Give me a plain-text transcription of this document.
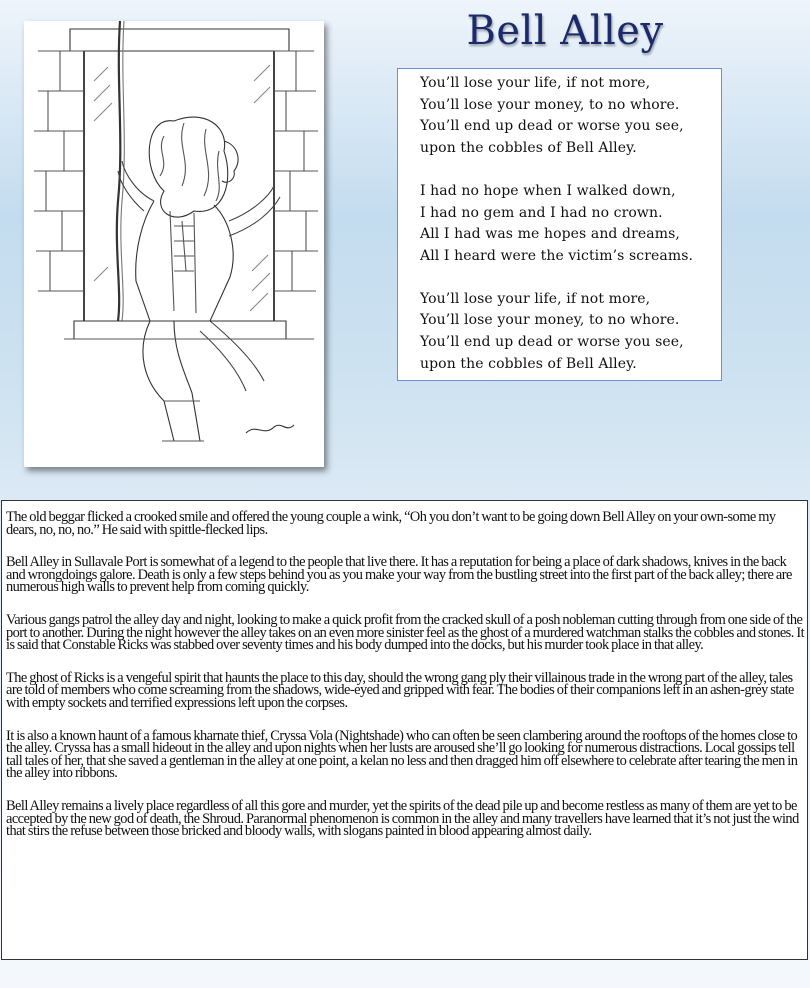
Bell Alley
You’ll lose your life, if not more,
You’ll lose your money, to no whore.
You’ll end up dead or worse you see,
upon the cobbles of Bell Alley.
I had no hope when I walked down,
I had no gem and I had no crown.
All I had was me hopes and dreams,
All I heard were the victim’s screams.
You’ll lose your life, if not more,
You’ll lose your money, to no whore.
You’ll end up dead or worse you see,
upon the cobbles of Bell Alley.

The old beggar flicked a crooked smile and offered the young couple a wink, “Oh you don’t want to be going down Bell Alley on your own-some my dears, no, no, no.” He said with spittle-flecked lips.

Bell Alley in Sullavale Port is somewhat of a legend to the people that live there. It has a reputation for being a place of dark shadows, knives in the back and wrongdoings galore. Death is only a few steps behind you as you make your way from the bustling street into the first part of the back alley; there are numerous high walls to prevent help from coming quickly.

Various gangs patrol the alley day and night, looking to make a quick profit from the cracked skull of a posh nobleman cutting through from one side of the port to another. During the night however the alley takes on an even more sinister feel as the ghost of a murdered watchman stalks the cobbles and stones. It is said that Constable Ricks was stabbed over seventy times and his body dumped into the docks, but his murder took place in that alley.

The ghost of Ricks is a vengeful spirit that haunts the place to this day, should the wrong gang ply their villainous trade in the wrong part of the alley, tales are told of members who come screaming from the shadows, wide-eyed and gripped with fear. The bodies of their companions left in an ashen-grey state with empty sockets and terrified expressions left upon the corpses.

It is also a known haunt of a famous kharnate thief, Cryssa Vola (Nightshade) who can often be seen clambering around the rooftops of the homes close to the alley. Cryssa has a small hideout in the alley and upon nights when her lusts are aroused she’ll go looking for numerous distractions. Local gossips tell tall tales of her, that she saved a gentleman in the alley at one point, a kelan no less and then dragged him off elsewhere to celebrate after tearing the men in the alley into ribbons.

Bell Alley remains a lively place regardless of all this gore and murder, yet the spirits of the dead pile up and become restless as many of them are yet to be accepted by the new god of death, the Shroud. Paranormal phenomenon is common in the alley and many travellers have learned that it’s not just the wind that stirs the refuse between those bricked and bloody walls, with slogans painted in blood appearing almost daily.
